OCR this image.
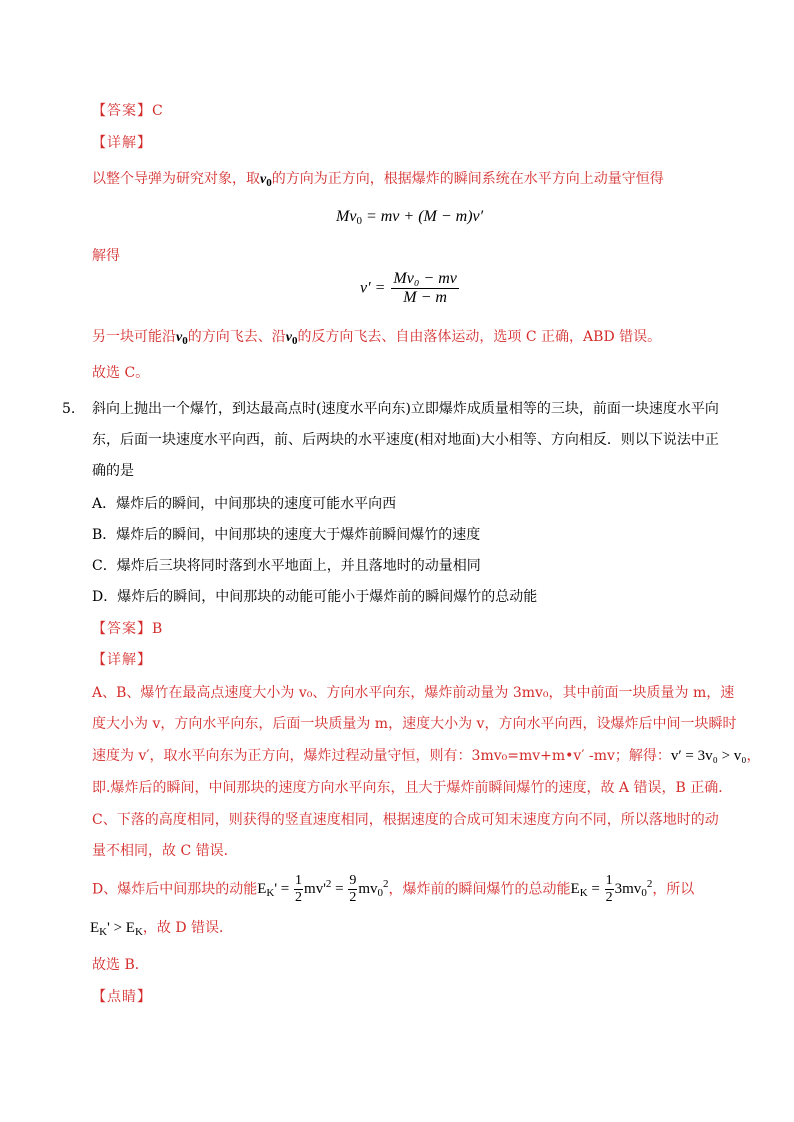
【答案】C
【详解】
以整个导弹为研究对象，取$v_0$的方向为正方向，根据爆炸的瞬间系统在水平方向上动量守恒得
$Mv_0$ = mv + (M − m)v′
解得
$v' = \frac{\text{Mv₀ − mv}}{M - m}$
另一块可能沿$v_0$的方向飞去、沿$v_0$的反方向飞去、自由落体运动，选项 C 正确，ABD 错误。
故选 C。
5. 斜向上抛出一个爆竹，到达最高点时(速度水平向东)立即爆炸成质量相等的三块，前面一块速度水平向
东，后面一块速度水平向西，前、后两块的水平速度(相对地面)大小相等、方向相反．则以下说法中正
确的是
A．爆炸后的瞬间，中间那块的速度可能水平向西
B．爆炸后的瞬间，中间那块的速度大于爆炸前瞬间爆竹的速度
C．爆炸后三块将同时落到水平地面上，并且落地时的动量相同
D．爆炸后的瞬间，中间那块的动能可能小于爆炸前的瞬间爆竹的总动能
【答案】B
【详解】
A、B、爆竹在最高点速度大小为 v₀、方向水平向东，爆炸前动量为 3mv₀，其中前面一块质量为 m，速
度大小为 v，方向水平向东，后面一块质量为 m，速度大小为 v，方向水平向西，设爆炸后中间一块瞬时
速度为 v′，取水平向东为正方向，爆炸过程动量守恒，则有：3mv₀=mv+m•v′ -mv；解得：v′ = 3v₀ > v₀，
即.爆炸后的瞬间，中间那块的速度方向水平向东，且大于爆炸前瞬间爆竹的速度，故 A 错误，B 正确．
C、下落的高度相同，则获得的竖直速度相同，根据速度的合成可知末速度方向不同，所以落地时的动
量不相同，故 C 错误．
D、爆炸后中间那块的动能$E_K' = \frac{1}{2} mv'^2 = \frac{9}{2} mv_0^2$，爆炸前的瞬间爆竹的总动能$E_K = \frac{1}{2} 3mv_0^2$，所以
$E_K' > E_K$，故 D 错误．
故选 B．
【点睛】
